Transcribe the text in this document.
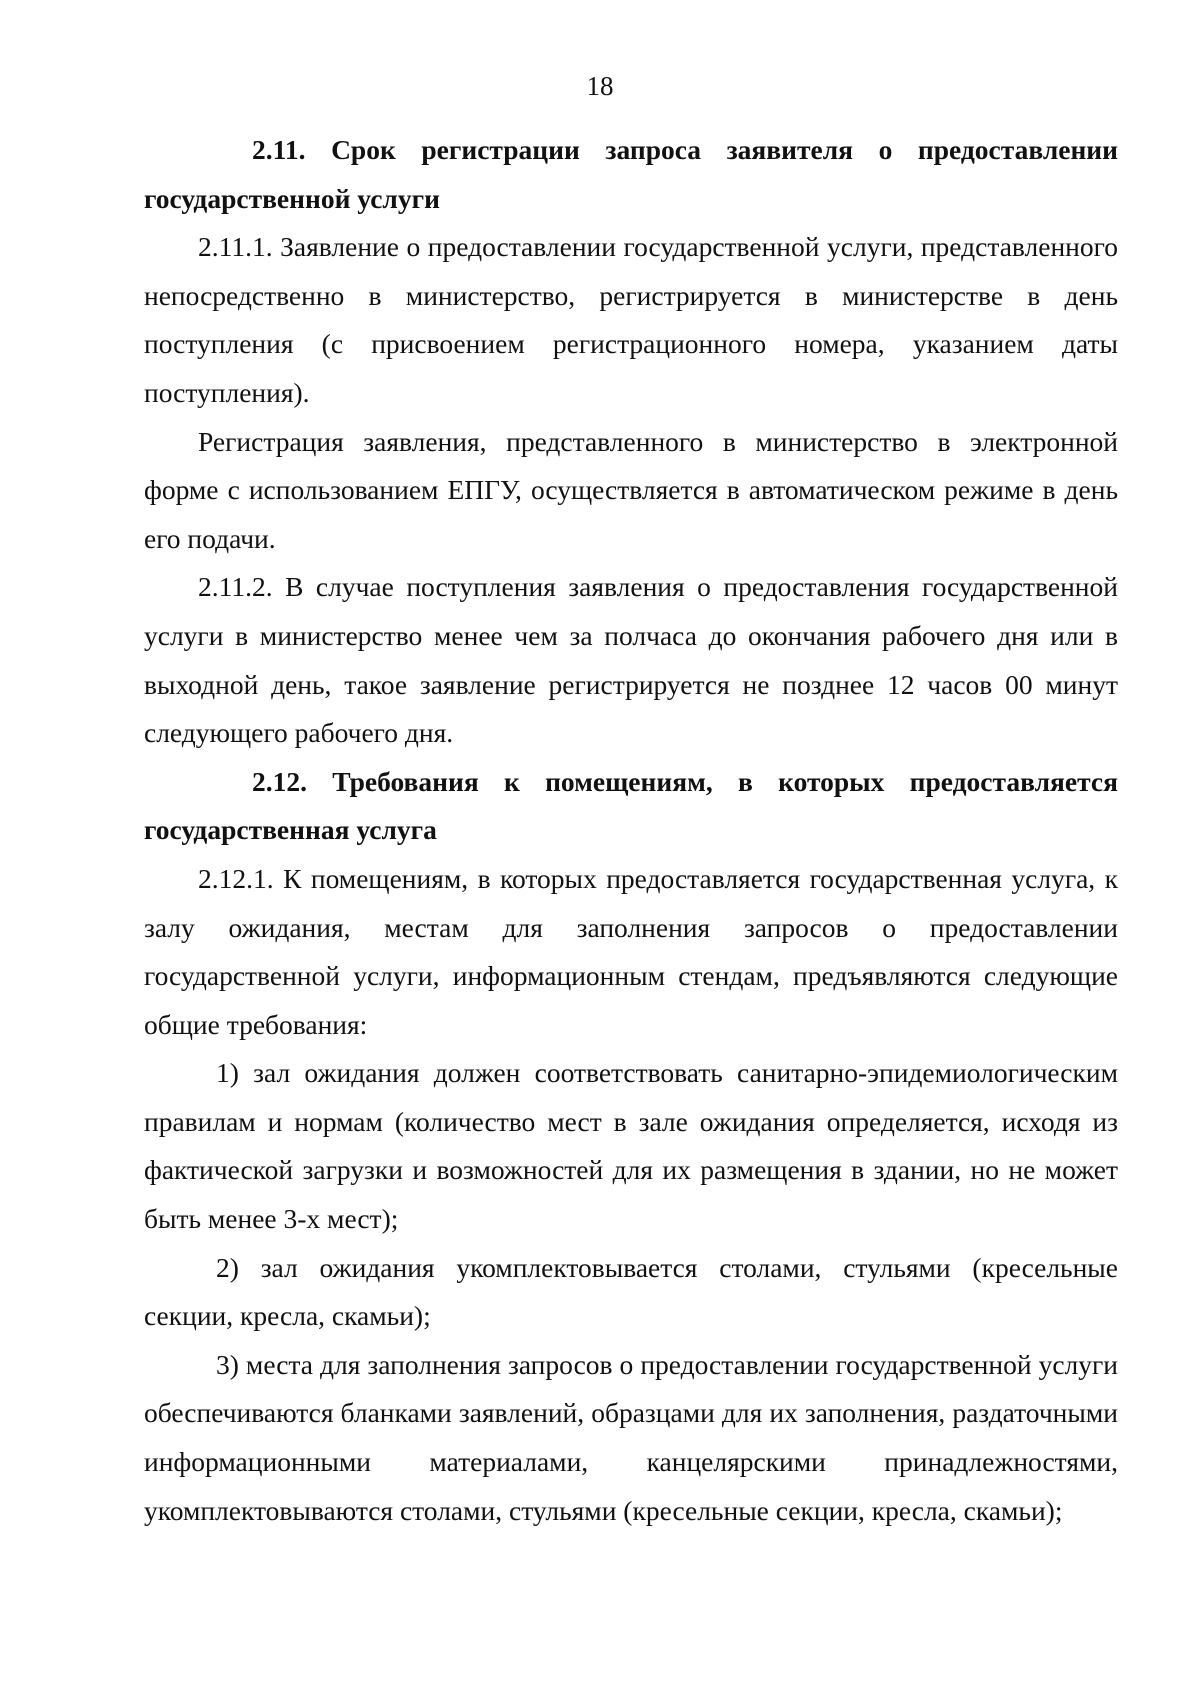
18

2.11. Срок регистрации запроса заявителя о предоставлении государственной услуги

2.11.1. Заявление о предоставлении государственной услуги, представленного непосредственно в министерство, регистрируется в министерстве в день поступления (с присвоением регистрационного номера, указанием даты поступления).

Регистрация заявления, представленного в министерство в электронной форме с использованием ЕПГУ, осуществляется в автоматическом режиме в день его подачи.

2.11.2. В случае поступления заявления о предоставления государственной услуги в министерство менее чем за полчаса до окончания рабочего дня или в выходной день, такое заявление регистрируется не позднее 12 часов 00 минут следующего рабочего дня.

2.12. Требования к помещениям, в которых предоставляется государственная услуга

2.12.1. К помещениям, в которых предоставляется государственная услуга, к залу ожидания, местам для заполнения запросов о предоставлении государственной услуги, информационным стендам, предъявляются следующие общие требования:

1) зал ожидания должен соответствовать санитарно-эпидемиологическим правилам и нормам (количество мест в зале ожидания определяется, исходя из фактической загрузки и возможностей для их размещения в здании, но не может быть менее 3-х мест);

2) зал ожидания укомплектовывается столами, стульями (кресельные секции, кресла, скамьи);

3) места для заполнения запросов о предоставлении государственной услуги обеспечиваются бланками заявлений, образцами для их заполнения, раздаточными информационными материалами, канцелярскими принадлежностями, укомплектовываются столами, стульями (кресельные секции, кресла, скамьи);
